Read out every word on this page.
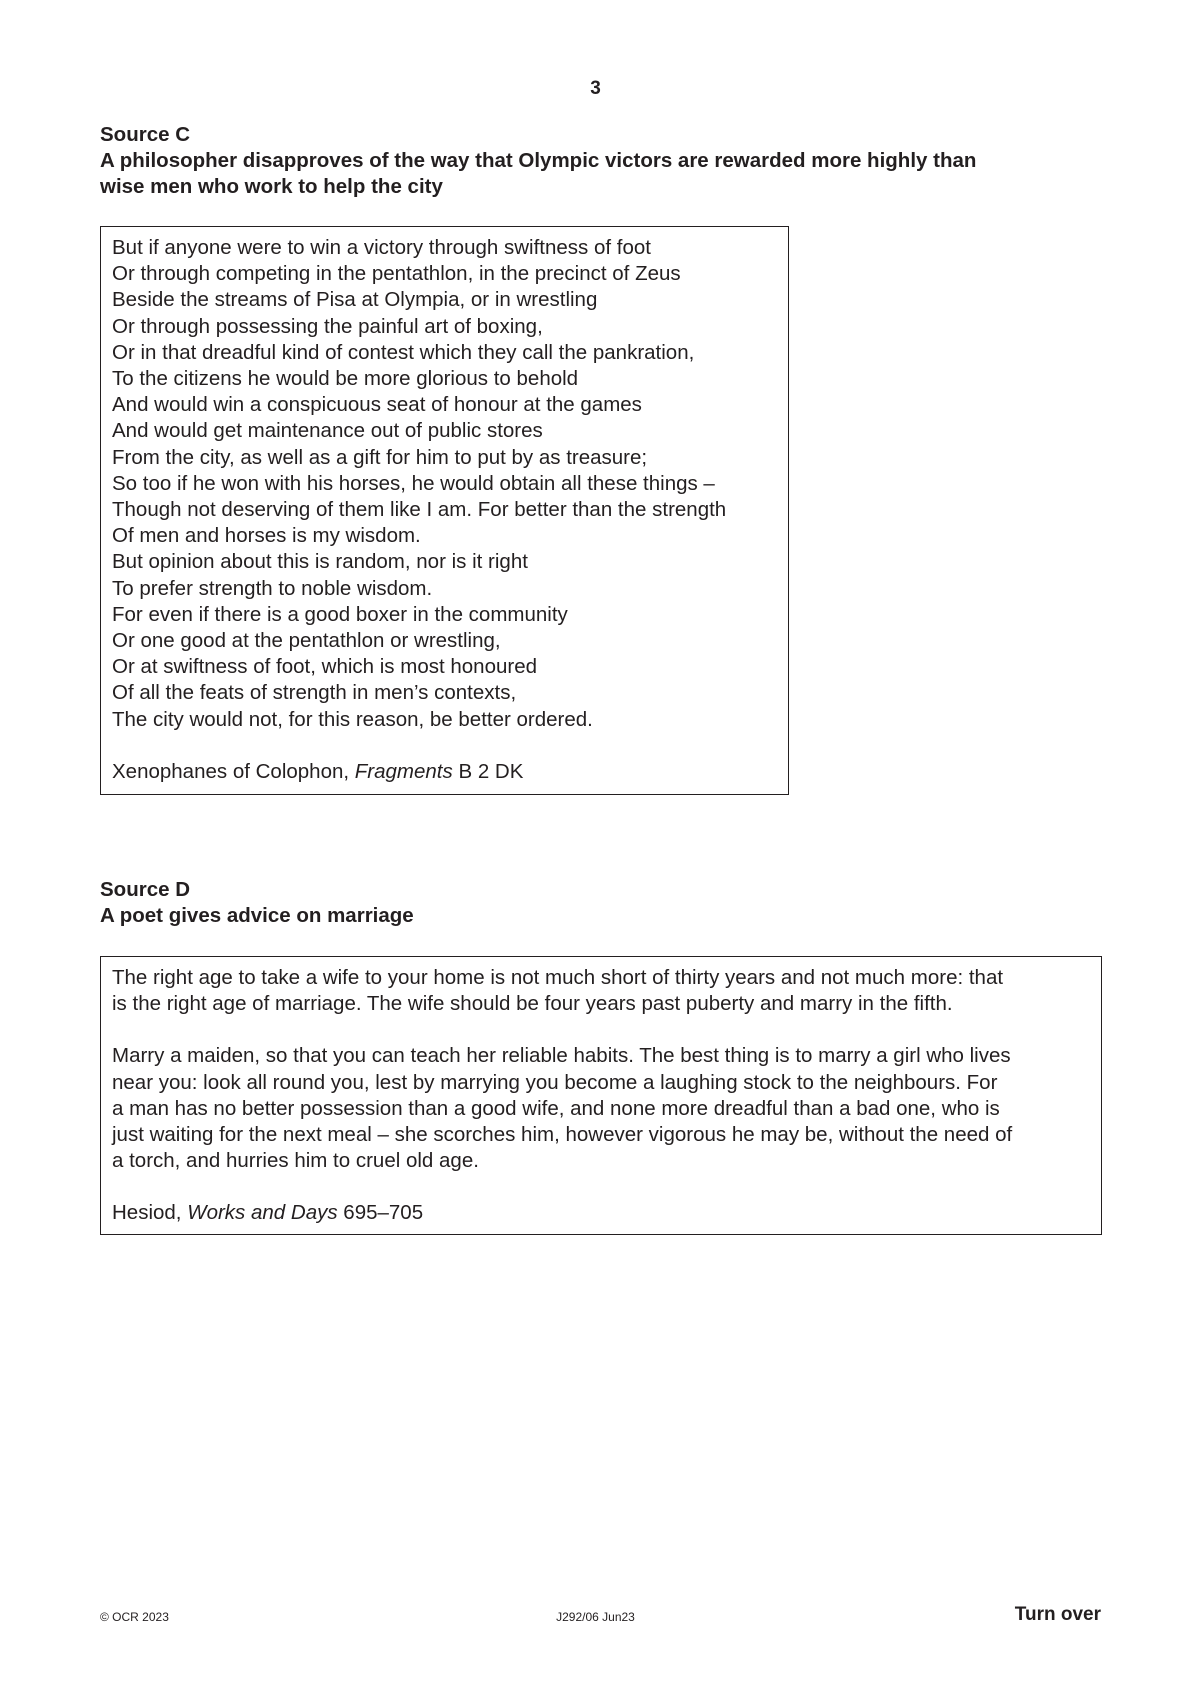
3
Source C
A philosopher disapproves of the way that Olympic victors are rewarded more highly than
wise men who work to help the city

But if anyone were to win a victory through swiftness of foot

Or through competing in the pentathlon, in the precinct of Zeus

Beside the streams of Pisa at Olympia, or in wrestling

Or through possessing the painful art of boxing,

Or in that dreadful kind of contest which they call the pankration,

To the citizens he would be more glorious to behold

And would win a conspicuous seat of honour at the games

And would get maintenance out of public stores

From the city, as well as a gift for him to put by as treasure;

So too if he won with his horses, he would obtain all these things –

Though not deserving of them like I am. For better than the strength

Of men and horses is my wisdom.

But opinion about this is random, nor is it right

To prefer strength to noble wisdom.

For even if there is a good boxer in the community

Or one good at the pentathlon or wrestling,

Or at swiftness of foot, which is most honoured

Of all the feats of strength in men’s contexts,

The city would not, for this reason, be better ordered.

Xenophanes of Colophon, Fragments B 2 DK

Source D
A poet gives advice on marriage

The right age to take a wife to your home is not much short of thirty years and not much more: that

is the right age of marriage. The wife should be four years past puberty and marry in the fifth.

Marry a maiden, so that you can teach her reliable habits. The best thing is to marry a girl who lives

near you: look all round you, lest by marrying you become a laughing stock to the neighbours. For

a man has no better possession than a good wife, and none more dreadful than a bad one, who is

just waiting for the next meal – she scorches him, however vigorous he may be, without the need of

a torch, and hurries him to cruel old age.

Hesiod, Works and Days 695–705

© OCR 2023	J292/06 Jun23	Turn over
